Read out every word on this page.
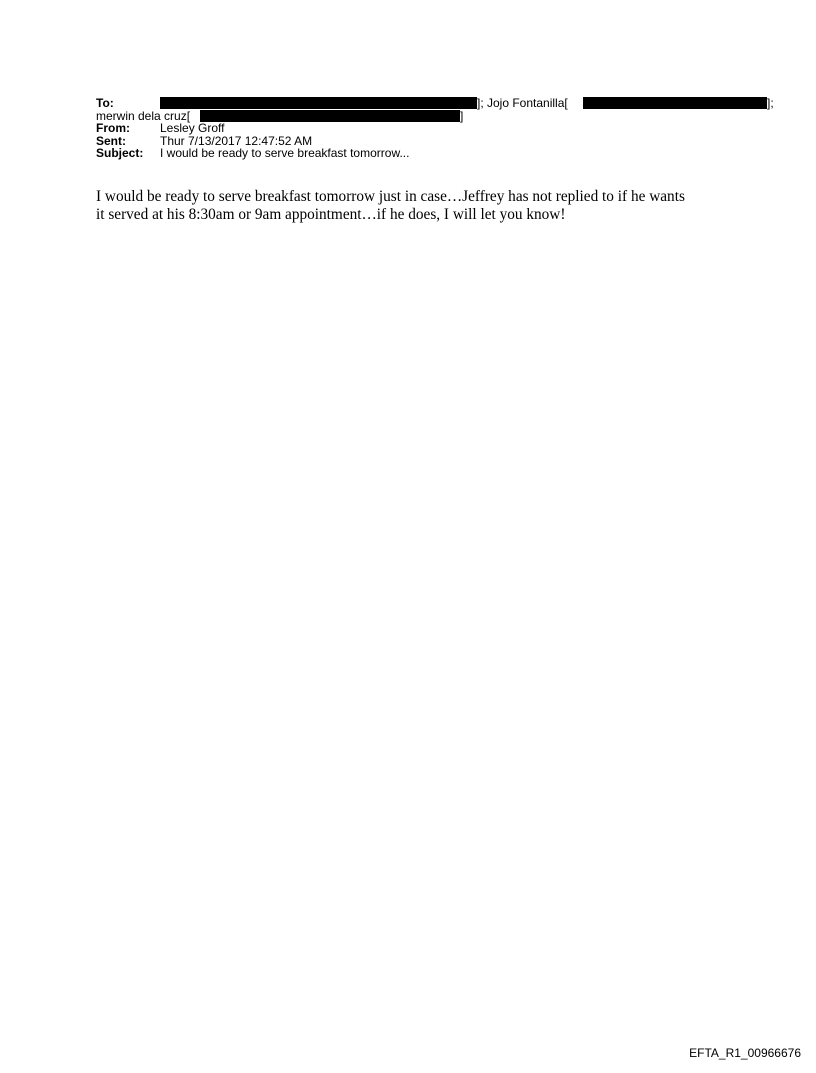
To:	]; Jojo Fontanilla[	];
merwin dela cruz[	]
From:	Lesley Groff
Sent:	Thur 7/13/2017 12:47:52 AM
Subject: I would be ready to serve breakfast tomorrow...

I would be ready to serve breakfast tomorrow just in case…Jeffrey has not replied to if he wants

it served at his 8:30am or 9am appointment…if he does, I will let you know!

EFTA_R1_00966676
